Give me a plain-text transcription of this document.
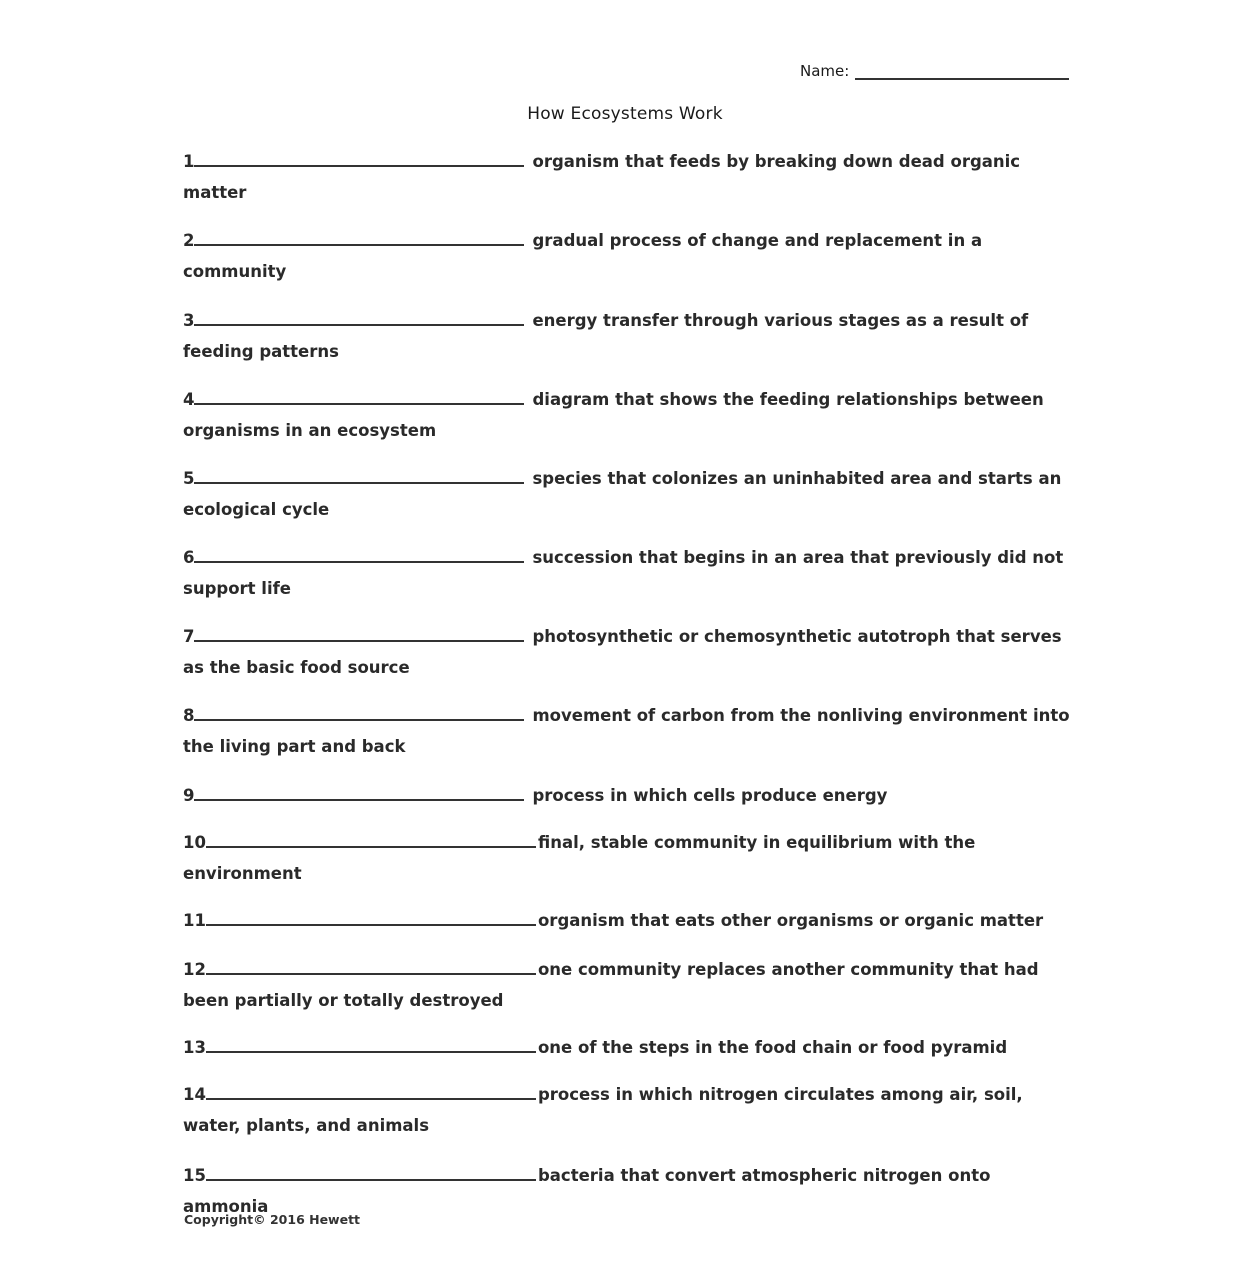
Name:
How Ecosystems Work
1	organism that feeds by breaking down dead organic matter
2	gradual process of change and replacement in a community
3	energy transfer through various stages as a result of feeding patterns
4	diagram that shows the feeding relationships between organisms in an ecosystem
5	species that colonizes an uninhabited area and starts an ecological cycle
6	succession that begins in an area that previously did not support life
7	photosynthetic or chemosynthetic autotroph that serves as the basic food source
8	movement of carbon from the nonliving environment into the living part and back
9	process in which cells produce energy
10	final, stable community in equilibrium with the environment
11	organism that eats other organisms or organic matter
12	one community replaces another community that had been partially or totally destroyed
13	one of the steps in the food chain or food pyramid
14	process in which nitrogen circulates among air, soil, water, plants, and animals
15	bacteria that convert atmospheric nitrogen onto ammonia
Copyright© 2016 Hewett
